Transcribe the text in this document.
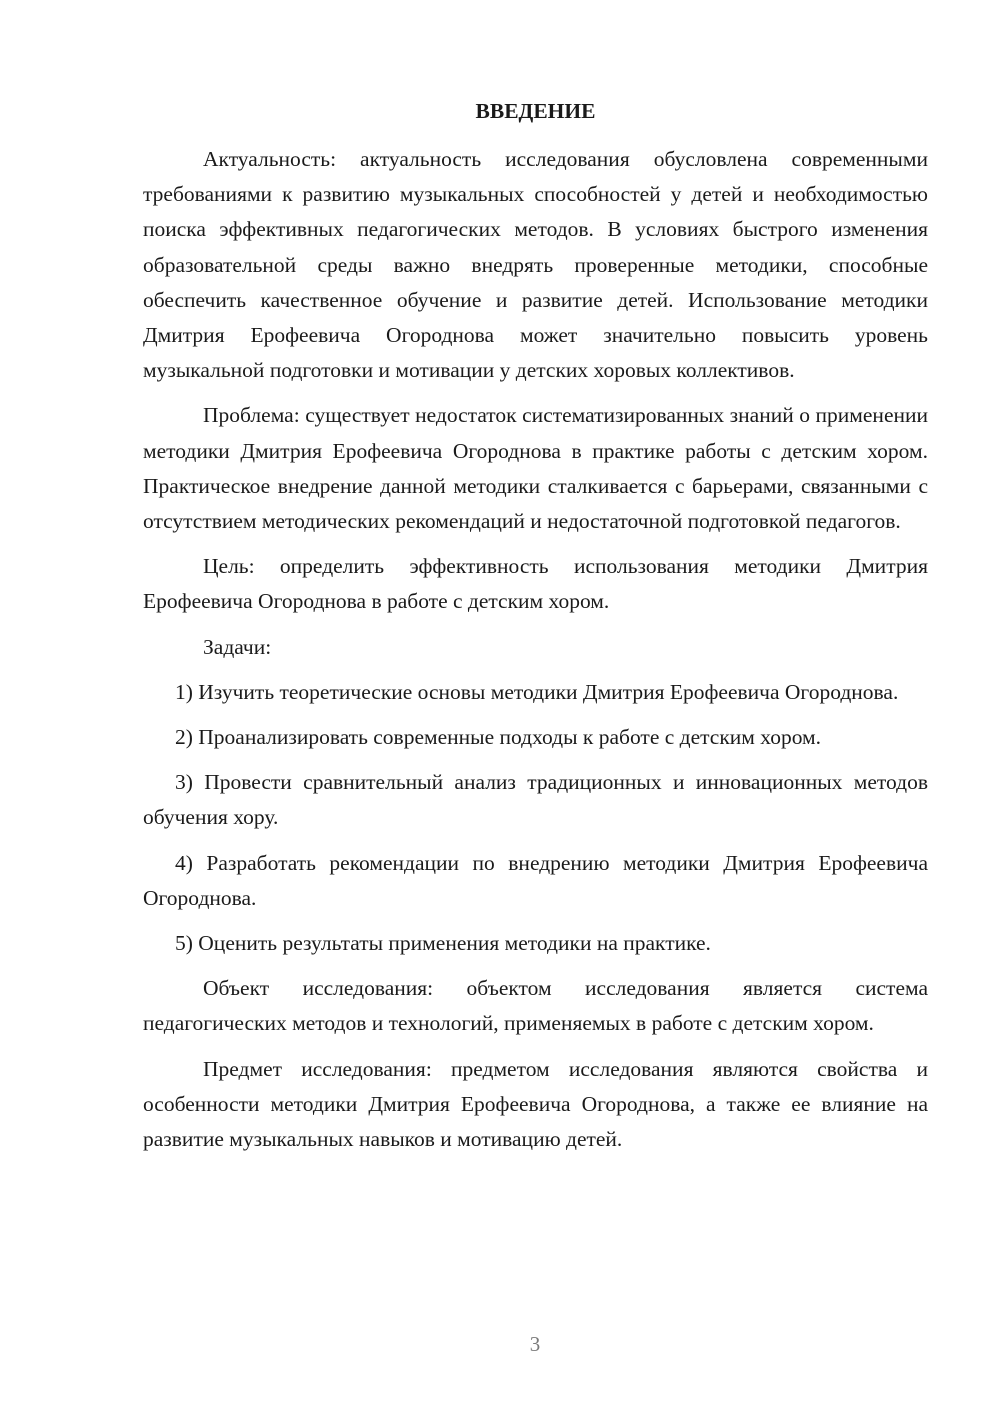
ВВЕДЕНИЕ

Актуальность: актуальность исследования обусловлена современными требованиями к развитию музыкальных способностей у детей и необходимостью поиска эффективных педагогических методов. В условиях быстрого изменения образовательной среды важно внедрять проверенные методики, способные обеспечить качественное обучение и развитие детей. Использование методики Дмитрия Ерофеевича Огороднова может значительно повысить уровень музыкальной подготовки и мотивации у детских хоровых коллективов.

Проблема: существует недостаток систематизированных знаний о применении методики Дмитрия Ерофеевича Огороднова в практике работы с детским хором. Практическое внедрение данной методики сталкивается с барьерами, связанными с отсутствием методических рекомендаций и недостаточной подготовкой педагогов.

Цель: определить эффективность использования методики Дмитрия Ерофеевича Огороднова в работе с детским хором.

Задачи:

1) Изучить теоретические основы методики Дмитрия Ерофеевича Огороднова.

2) Проанализировать современные подходы к работе с детским хором.

3) Провести сравнительный анализ традиционных и инновационных методов обучения хору.

4) Разработать рекомендации по внедрению методики Дмитрия Ерофеевича Огороднова.

5) Оценить результаты применения методики на практике.

Объект исследования: объектом исследования является система педагогических методов и технологий, применяемых в работе с детским хором.

Предмет исследования: предметом исследования являются свойства и особенности методики Дмитрия Ерофеевича Огороднова, а также ее влияние на развитие музыкальных навыков и мотивацию детей.

3
